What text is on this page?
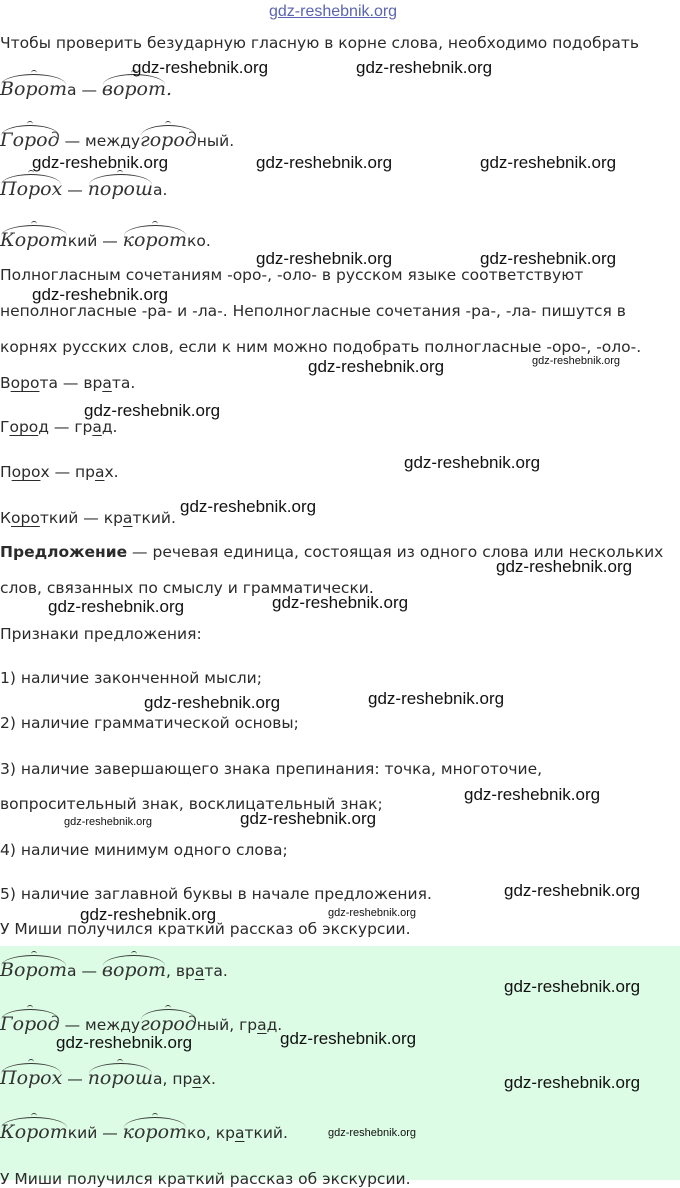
gdz-reshebnik.org
Чтобы проверить безударную гласную в корне слова, необходимо подобрать
Ворота — ворот.
Город — междугородный.
Порох — пороша.
Короткий — коротко.
Полногласным сочетаниям -оро-, -оло- в русском языке соответствуют
неполногласные -ра- и -ла-. Неполногласные сочетания -ра-, -ла- пишутся в
корнях русских слов, если к ним можно подобрать полногласные -оро-, -оло-.
Ворота — врата.
Город — град.
Порох — прах.
Короткий — краткий.
Предложение — речевая единица, состоящая из одного слова или нескольких
слов, связанных по смыслу и грамматически.
Признаки предложения:
1) наличие законченной мысли;
2) наличие грамматической основы;
3) наличие завершающего знака препинания: точка, многоточие,
вопросительный знак, восклицательный знак;
4) наличие минимум одного слова;
5) наличие заглавной буквы в начале предложения.
У Миши получился краткий рассказ об экскурсии.
Ворота — ворот, врата.
Город — междугородный, град.
Порох — пороша, прах.
Короткий — коротко, краткий.
У Миши получился краткий рассказ об экскурсии.
gdz-reshebnik.org	gdz-reshebnik.org
gdz-reshebnik.org	gdz-reshebnik.org	gdz-reshebnik.org
gdz-reshebnik.org	gdz-reshebnik.org
gdz-reshebnik.org
gdz-reshebnik.org	gdz-reshebnik.org
gdz-reshebnik.org
gdz-reshebnik.org
gdz-reshebnik.org
gdz-reshebnik.org
gdz-reshebnik.org	gdz-reshebnik.org
gdz-reshebnik.org	gdz-reshebnik.org
gdz-reshebnik.org
gdz-reshebnik.org	gdz-reshebnik.org
gdz-reshebnik.org
gdz-reshebnik.org	gdz-reshebnik.org
gdz-reshebnik.org
gdz-reshebnik.org	gdz-reshebnik.org
gdz-reshebnik.org
gdz-reshebnik.org
